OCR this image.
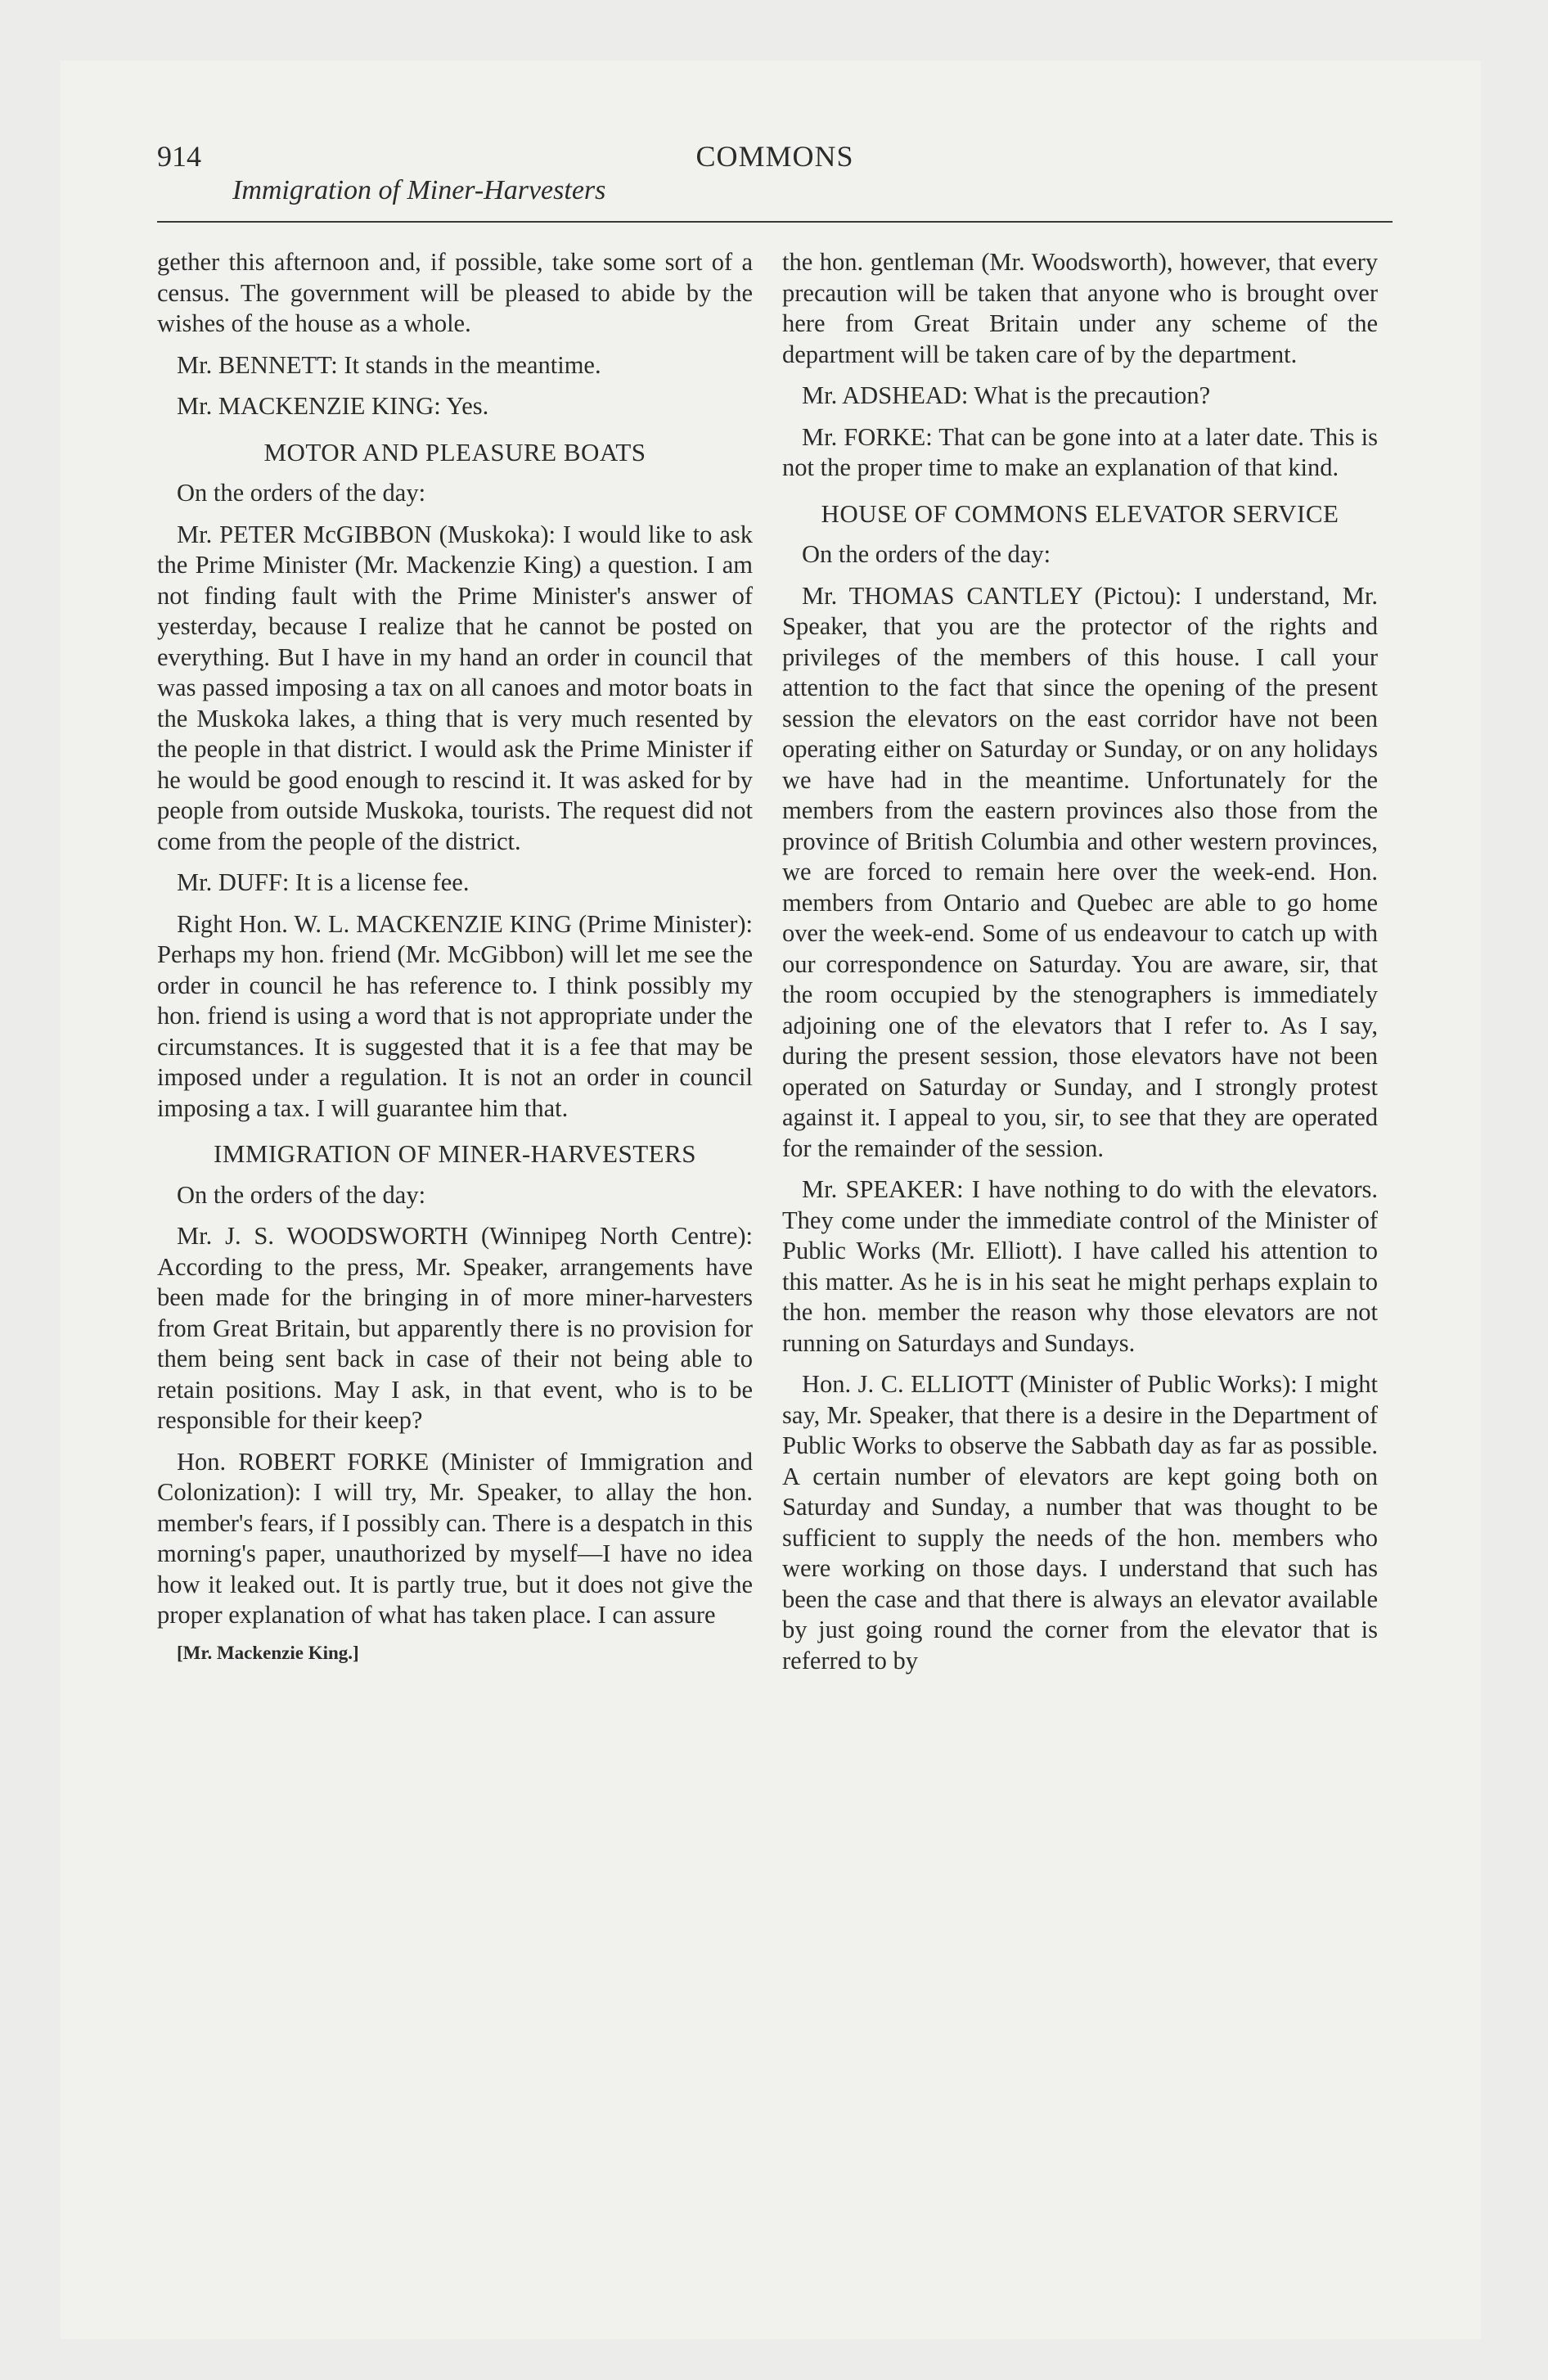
914	COMMONS
Immigration of Miner-Harvesters

gether this afternoon and, if possible, take some sort of a census. The government will be pleased to abide by the wishes of the house as a whole.

Mr. BENNETT: It stands in the meantime.

Mr. MACKENZIE KING: Yes.

MOTOR AND PLEASURE BOATS

On the orders of the day:

Mr. PETER McGIBBON (Muskoka): I would like to ask the Prime Minister (Mr. Mackenzie King) a question. I am not finding fault with the Prime Minister's answer of yesterday, because I realize that he cannot be posted on everything. But I have in my hand an order in council that was passed imposing a tax on all canoes and motor boats in the Muskoka lakes, a thing that is very much resented by the people in that district. I would ask the Prime Minister if he would be good enough to rescind it. It was asked for by people from outside Muskoka, tourists. The request did not come from the people of the district.

Mr. DUFF: It is a license fee.

Right Hon. W. L. MACKENZIE KING (Prime Minister): Perhaps my hon. friend (Mr. McGibbon) will let me see the order in council he has reference to. I think possibly my hon. friend is using a word that is not appropriate under the circumstances. It is suggested that it is a fee that may be imposed under a regulation. It is not an order in council imposing a tax. I will guarantee him that.

IMMIGRATION OF MINER-HARVESTERS

On the orders of the day:

Mr. J. S. WOODSWORTH (Winnipeg North Centre): According to the press, Mr. Speaker, arrangements have been made for the bringing in of more miner-harvesters from Great Britain, but apparently there is no provision for them being sent back in case of their not being able to retain positions. May I ask, in that event, who is to be responsible for their keep?

Hon. ROBERT FORKE (Minister of Immigration and Colonization): I will try, Mr. Speaker, to allay the hon. member's fears, if I possibly can. There is a despatch in this morning's paper, unauthorized by myself—I have no idea how it leaked out. It is partly true, but it does not give the proper explanation of what has taken place. I can assure

[Mr. Mackenzie King.]

the hon. gentleman (Mr. Woodsworth), however, that every precaution will be taken that anyone who is brought over here from Great Britain under any scheme of the department will be taken care of by the department.

Mr. ADSHEAD: What is the precaution?

Mr. FORKE: That can be gone into at a later date. This is not the proper time to make an explanation of that kind.

HOUSE OF COMMONS ELEVATOR SERVICE

On the orders of the day:

Mr. THOMAS CANTLEY (Pictou): I understand, Mr. Speaker, that you are the protector of the rights and privileges of the members of this house. I call your attention to the fact that since the opening of the present session the elevators on the east corridor have not been operating either on Saturday or Sunday, or on any holidays we have had in the meantime. Unfortunately for the members from the eastern provinces also those from the province of British Columbia and other western provinces, we are forced to remain here over the week-end. Hon. members from Ontario and Quebec are able to go home over the week-end. Some of us endeavour to catch up with our correspondence on Saturday. You are aware, sir, that the room occupied by the stenographers is immediately adjoining one of the elevators that I refer to. As I say, during the present session, those elevators have not been operated on Saturday or Sunday, and I strongly protest against it. I appeal to you, sir, to see that they are operated for the remainder of the session.

Mr. SPEAKER: I have nothing to do with the elevators. They come under the immediate control of the Minister of Public Works (Mr. Elliott). I have called his attention to this matter. As he is in his seat he might perhaps explain to the hon. member the reason why those elevators are not running on Saturdays and Sundays.

Hon. J. C. ELLIOTT (Minister of Public Works): I might say, Mr. Speaker, that there is a desire in the Department of Public Works to observe the Sabbath day as far as possible. A certain number of elevators are kept going both on Saturday and Sunday, a number that was thought to be sufficient to supply the needs of the hon. members who were working on those days. I understand that such has been the case and that there is always an elevator available by just going round the corner from the elevator that is referred to by
